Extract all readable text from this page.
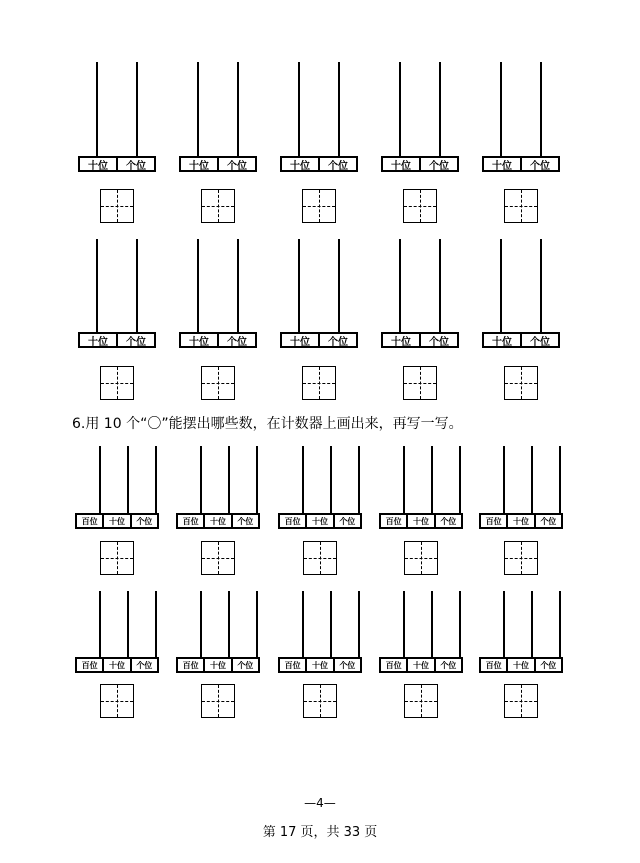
十位	个位	十位	个位	十位	个位	十位	个位	十位	个位
十位	个位	十位	个位	十位	个位	十位	个位	十位	个位
百位	十位	个位	百位	十位	个位	百位	十位	个位	百位	十位	个位	百位	十位	个位
百位	十位	个位	百位	十位	个位	百位	十位	个位	百位	十位	个位	百位	十位	个位
6.用 10 个“〇”能摆出哪些数，在计数器上画出来，再写一写。
—4—
第 17 页，共 33 页
